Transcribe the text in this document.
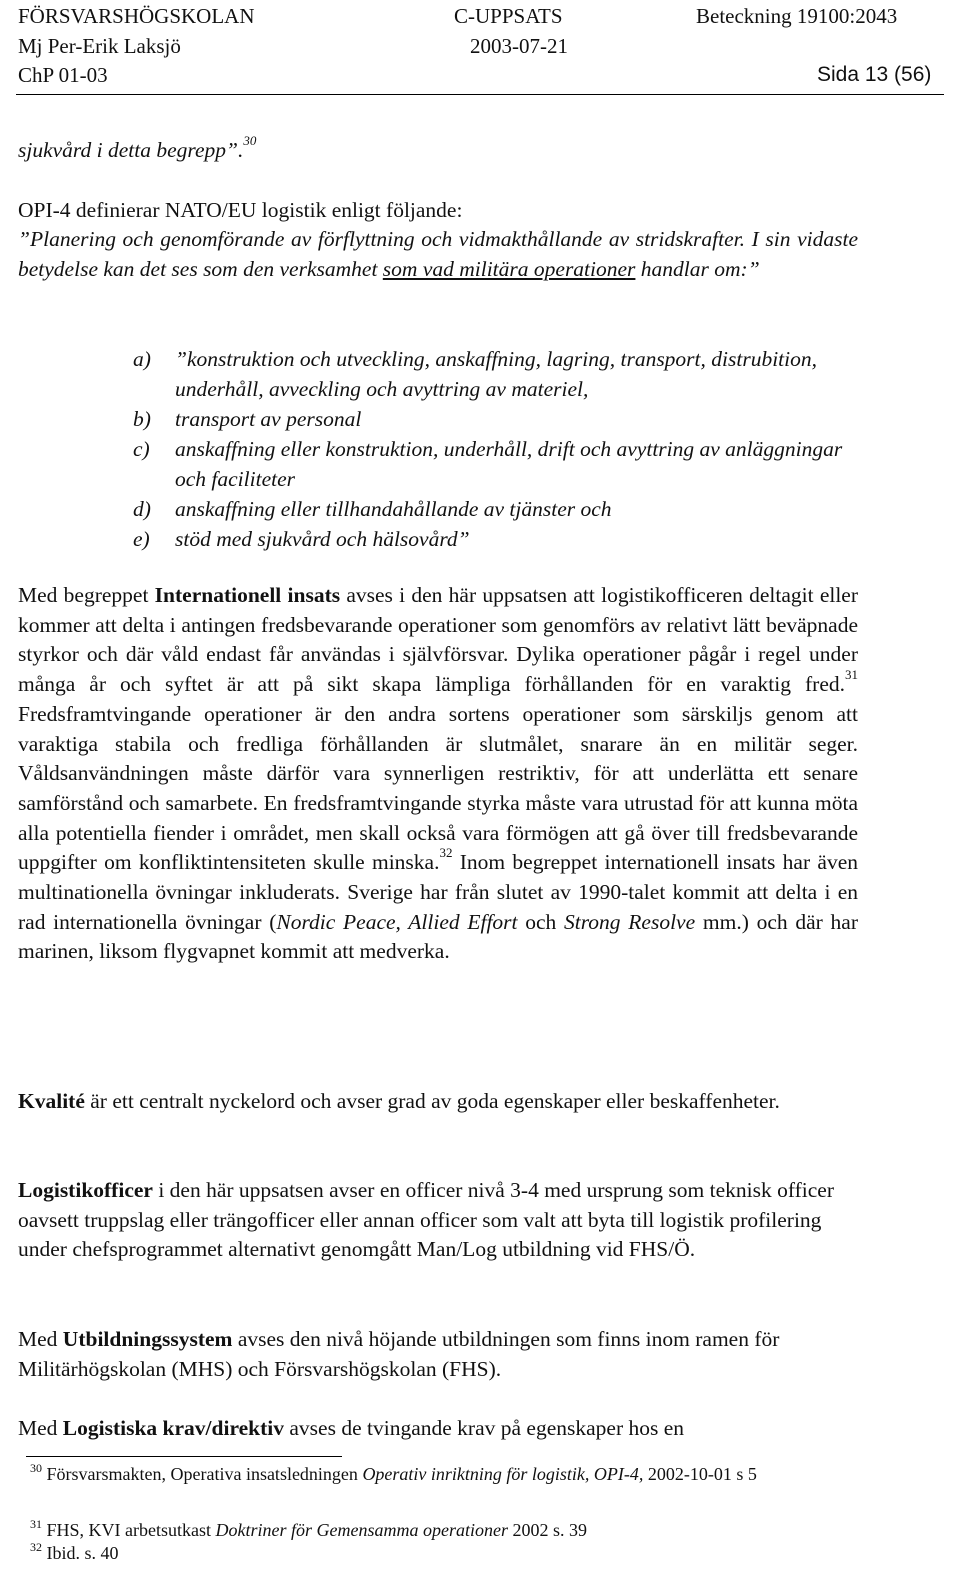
FÖRSVARSHÖGSKOLAN	C-UPPSATS	Beteckning 19100:2043
Mj Per-Erik Laksjö	2003-07-21
ChP 01-03	Sida 13 (56)
sjukvård i detta begrepp”.$^{30}$
OPI-4 definierar NATO/EU logistik enligt följande:
”Planering och genomförande av förflyttning och vidmakthållande av stridskrafter. I sin vidaste betydelse kan det ses som den verksamhet som vad militära operationer handlar om:”
a)	”konstruktion och utveckling, anskaffning, lagring, transport, distrubition, underhåll, avveckling och avyttring av materiel,
b)	transport av personal
c)	anskaffning eller konstruktion, underhåll, drift och avyttring av anläggningar och faciliteter
d)	anskaffning eller tillhandahållande av tjänster och
e)	stöd med sjukvård och hälsovård”
Med begreppet Internationell insats avses i den här uppsatsen att logistikofficeren deltagit eller kommer att delta i antingen fredsbevarande operationer som genomförs av relativt lätt beväpnade styrkor och där våld endast får användas i självförsvar. Dylika operationer pågår i regel under många år och syftet är att på sikt skapa lämpliga förhållanden för en varaktig fred.$^{31}$ Fredsframtvingande operationer är den andra sortens operationer som särskiljs genom att varaktiga stabila och fredliga förhållanden är slutmålet, snarare än en militär seger. Våldsanvändningen måste därför vara synnerligen restriktiv, för att underlätta ett senare samförstånd och samarbete. En fredsframtvingande styrka måste vara utrustad för att kunna möta alla potentiella fiender i området, men skall också vara förmögen att gå över till fredsbevarande uppgifter om konfliktintensiteten skulle minska.$^{32}$ Inom begreppet internationell insats har även multinationella övningar inkluderats. Sverige har från slutet av 1990-talet kommit att delta i en rad internationella övningar (Nordic Peace, Allied Effort och Strong Resolve mm.) och där har marinen, liksom flygvapnet kommit att medverka.
Kvalité är ett centralt nyckelord och avser grad av goda egenskaper eller beskaffenheter.
Logistikofficer i den här uppsatsen avser en officer nivå 3-4 med ursprung som teknisk officer oavsett truppslag eller trängofficer eller annan officer som valt att byta till logistik profilering under chefsprogrammet alternativt genomgått Man/Log utbildning vid FHS/Ö.
Med Utbildningssystem avses den nivå höjande utbildningen som finns inom ramen för Militärhögskolan (MHS) och Försvarshögskolan (FHS).
Med Logistiska krav/direktiv avses de tvingande krav på egenskaper hos en
$^{30}$ Försvarsmakten, Operativa insatsledningen Operativ inriktning för logistik, OPI-4, 2002-10-01 s 5
$^{31}$ FHS, KVI arbetsutkast Doktriner för Gemensamma operationer 2002 s. 39
$^{32}$ Ibid. s. 40
